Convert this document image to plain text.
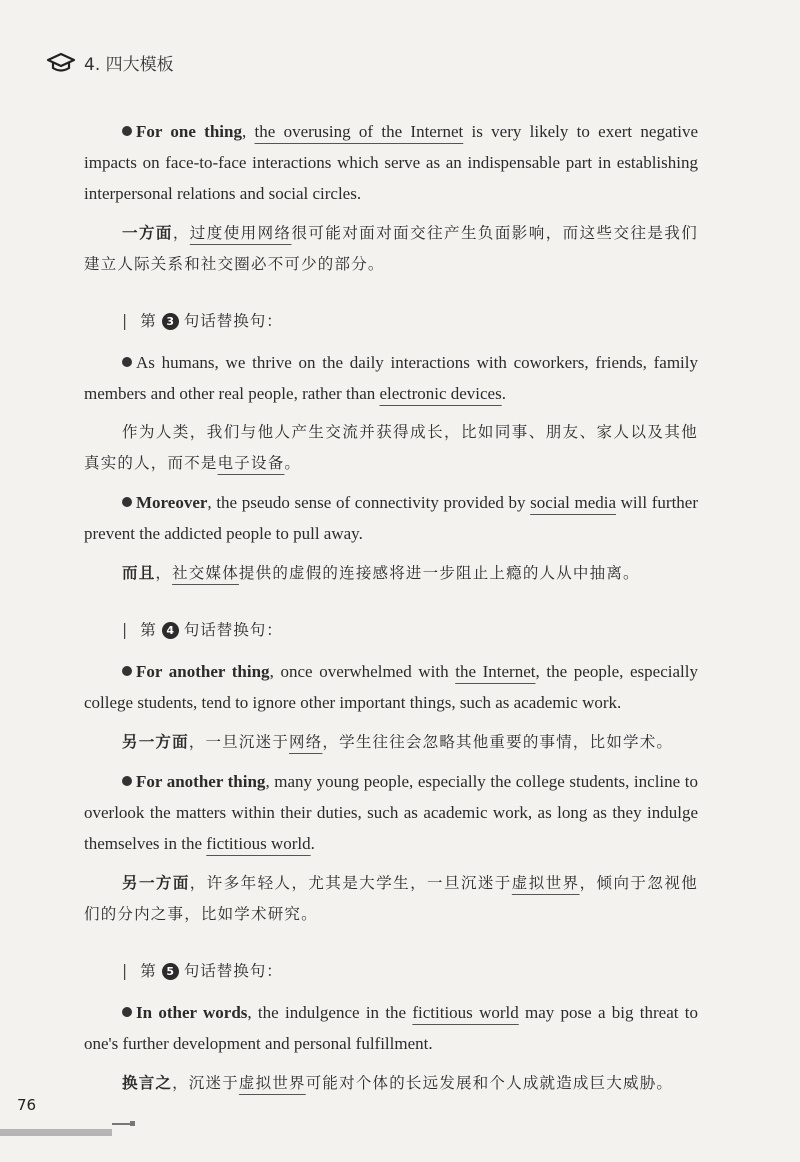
4. 四大模板

For one thing, the overusing of the Internet is very likely to exert negative impacts on face-to-face interactions which serve as an indispensable part in establishing interpersonal relations and social circles.

一方面，过度使用网络很可能对面对面交往产生负面影响，而这些交往是我们建立人际关系和社交圈必不可少的部分。

| 第 3 句话替换句：

As humans, we thrive on the daily interactions with coworkers, friends, family members and other real people, rather than electronic devices.

作为人类，我们与他人产生交流并获得成长，比如同事、朋友、家人以及其他真实的人，而不是电子设备。

Moreover, the pseudo sense of connectivity provided by social media will further prevent the addicted people to pull away.

而且，社交媒体提供的虚假的连接感将进一步阻止上瘾的人从中抽离。

| 第 4 句话替换句：

For another thing, once overwhelmed with the Internet, the people, especially college students, tend to ignore other important things, such as academic work.

另一方面，一旦沉迷于网络，学生往往会忽略其他重要的事情，比如学术。

For another thing, many young people, especially the college students, incline to overlook the matters within their duties, such as academic work, as long as they indulge themselves in the fictitious world.

另一方面，许多年轻人，尤其是大学生，一旦沉迷于虚拟世界，倾向于忽视他们的分内之事，比如学术研究。

| 第 5 句话替换句：

In other words, the indulgence in the fictitious world may pose a big threat to one's further development and personal fulfillment.

换言之，沉迷于虚拟世界可能对个体的长远发展和个人成就造成巨大威胁。

76
